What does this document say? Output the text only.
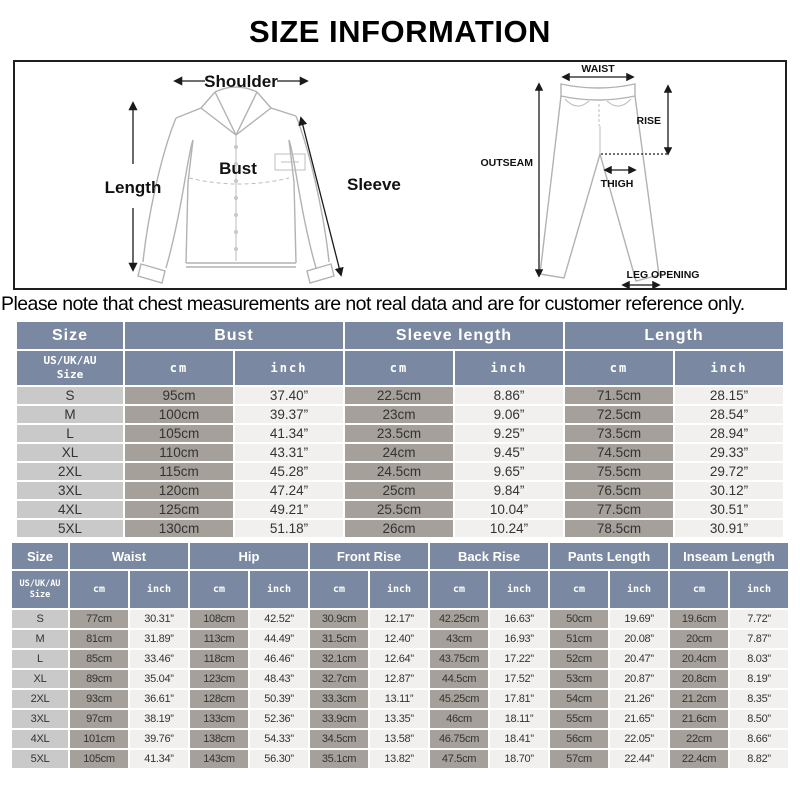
SIZE INFORMATION
Shoulder
Length
Bust
Sleeve
WAIST
RISE
OUTSEAM
THIGH
LEG OPENING
Please note that chest measurements are not real data and are for customer reference only.
Size	Bust		Sleeve length		Length	

US/UK/AU
Size	cm	inch	cm	inch	cm	inch
S	95cm	37.40”	22.5cm	8.86”	71.5cm	28.15”
M	100cm	39.37”	23cm	9.06”	72.5cm	28.54”
L	105cm	41.34”	23.5cm	9.25”	73.5cm	28.94”
XL	110cm	43.31”	24cm	9.45”	74.5cm	29.33”
2XL	115cm	45.28”	24.5cm	9.65”	75.5cm	29.72”
3XL	120cm	47.24”	25cm	9.84”	76.5cm	30.12”
4XL	125cm	49.21”	25.5cm	10.04”	77.5cm	30.51”
5XL	130cm	51.18”	26cm	10.24”	78.5cm	30.91”
Size	Waist		Hip		Front Rise		Back Rise		Pants Length		Inseam Length	

US/UK/AU
Size	cm	inch	cm	inch	cm	inch	cm	inch	cm	inch	cm	inch
S	77cm	30.31”	108cm	42.52”	30.9cm	12.17”	42.25cm	16.63”	50cm	19.69”	19.6cm	7.72”
M	81cm	31.89”	113cm	44.49”	31.5cm	12.40”	43cm	16.93”	51cm	20.08”	20cm	7.87”
L	85cm	33.46”	118cm	46.46”	32.1cm	12.64”	43.75cm	17.22”	52cm	20.47”	20.4cm	8.03”
XL	89cm	35.04”	123cm	48.43”	32.7cm	12.87”	44.5cm	17.52”	53cm	20.87”	20.8cm	8.19”
2XL	93cm	36.61”	128cm	50.39”	33.3cm	13.11”	45.25cm	17.81”	54cm	21.26”	21.2cm	8.35”
3XL	97cm	38.19”	133cm	52.36”	33.9cm	13.35”	46cm	18.11”	55cm	21.65”	21.6cm	8.50”
4XL	101cm	39.76”	138cm	54.33”	34.5cm	13.58”	46.75cm	18.41”	56cm	22.05”	22cm	8.66”
5XL	105cm	41.34”	143cm	56.30”	35.1cm	13.82”	47.5cm	18.70”	57cm	22.44”	22.4cm	8.82”
